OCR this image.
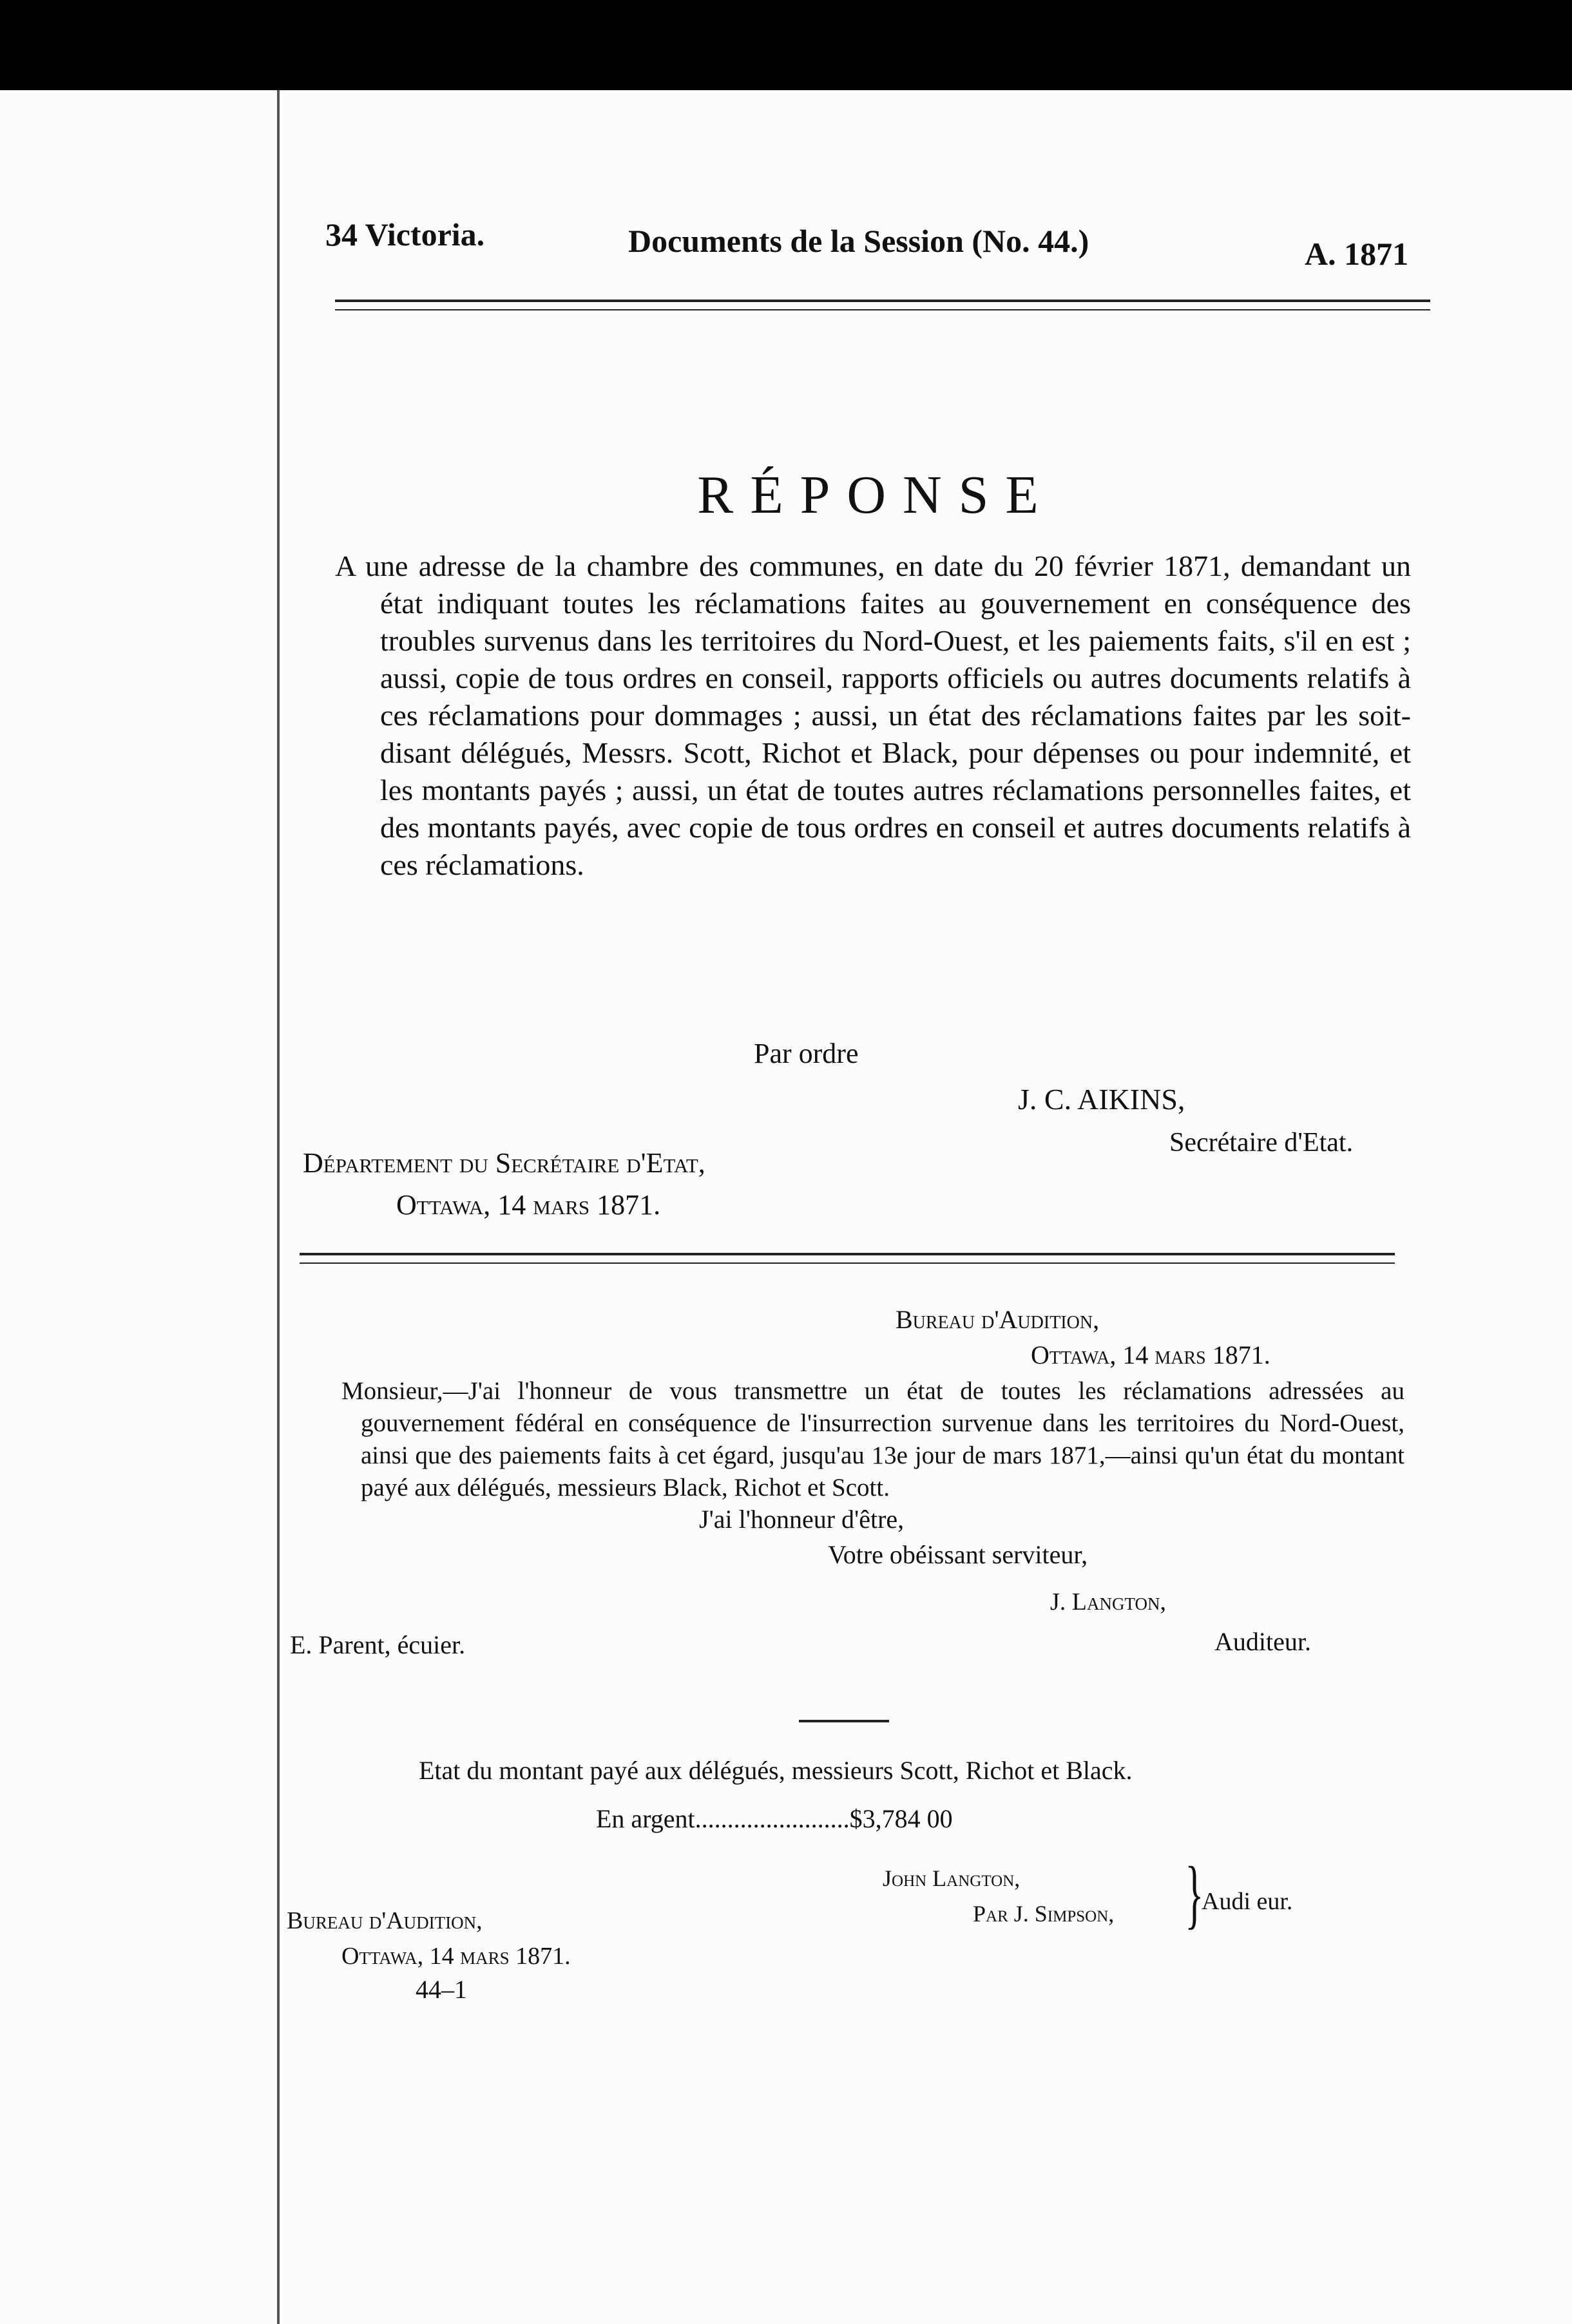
34 Victoria.	Documents de la Session (No. 44.)	A. 1871
RÉPONSE

A une adresse de la chambre des communes, en date du 20 février 1871, demandant un état indiquant toutes les réclamations faites au gouvernement en conséquence des troubles survenus dans les territoires du Nord-Ouest, et les paiements faits, s'il en est ; aussi, copie de tous ordres en conseil, rapports officiels ou autres documents relatifs à ces réclamations pour dommages ; aussi, un état des réclamations faites par les soit-disant délégués, Messrs. Scott, Richot et Black, pour dépenses ou pour indemnité, et les montants payés ; aussi, un état de toutes autres réclamations personnelles faites, et des montants payés, avec copie de tous ordres en conseil et autres documents relatifs à ces réclamations.

Par ordre
J. C. AIKINS,
Secrétaire d'Etat.
Département du Secrétaire d'Etat,
Ottawa, 14 mars 1871.
Bureau d'Audition,
Ottawa, 14 mars 1871.

Monsieur,—J'ai l'honneur de vous transmettre un état de toutes les réclamations adressées au gouvernement fédéral en conséquence de l'insurrection survenue dans les territoires du Nord-Ouest, ainsi que des paiements faits à cet égard, jusqu'au 13e jour de mars 1871,—ainsi qu'un état du montant payé aux délégués, messieurs Black, Richot et Scott.

J'ai l'honneur d'être,
Votre obéissant serviteur,
J. Langton,
Auditeur.
E. Parent, écuier.
Etat du montant payé aux délégués, messieurs Scott, Richot et Black.
En argent........................$3,784 00
John Langton,
Par J. Simpson, }
Audi eur.
Bureau d'Audition,
Ottawa, 14 mars 1871.
44–1
